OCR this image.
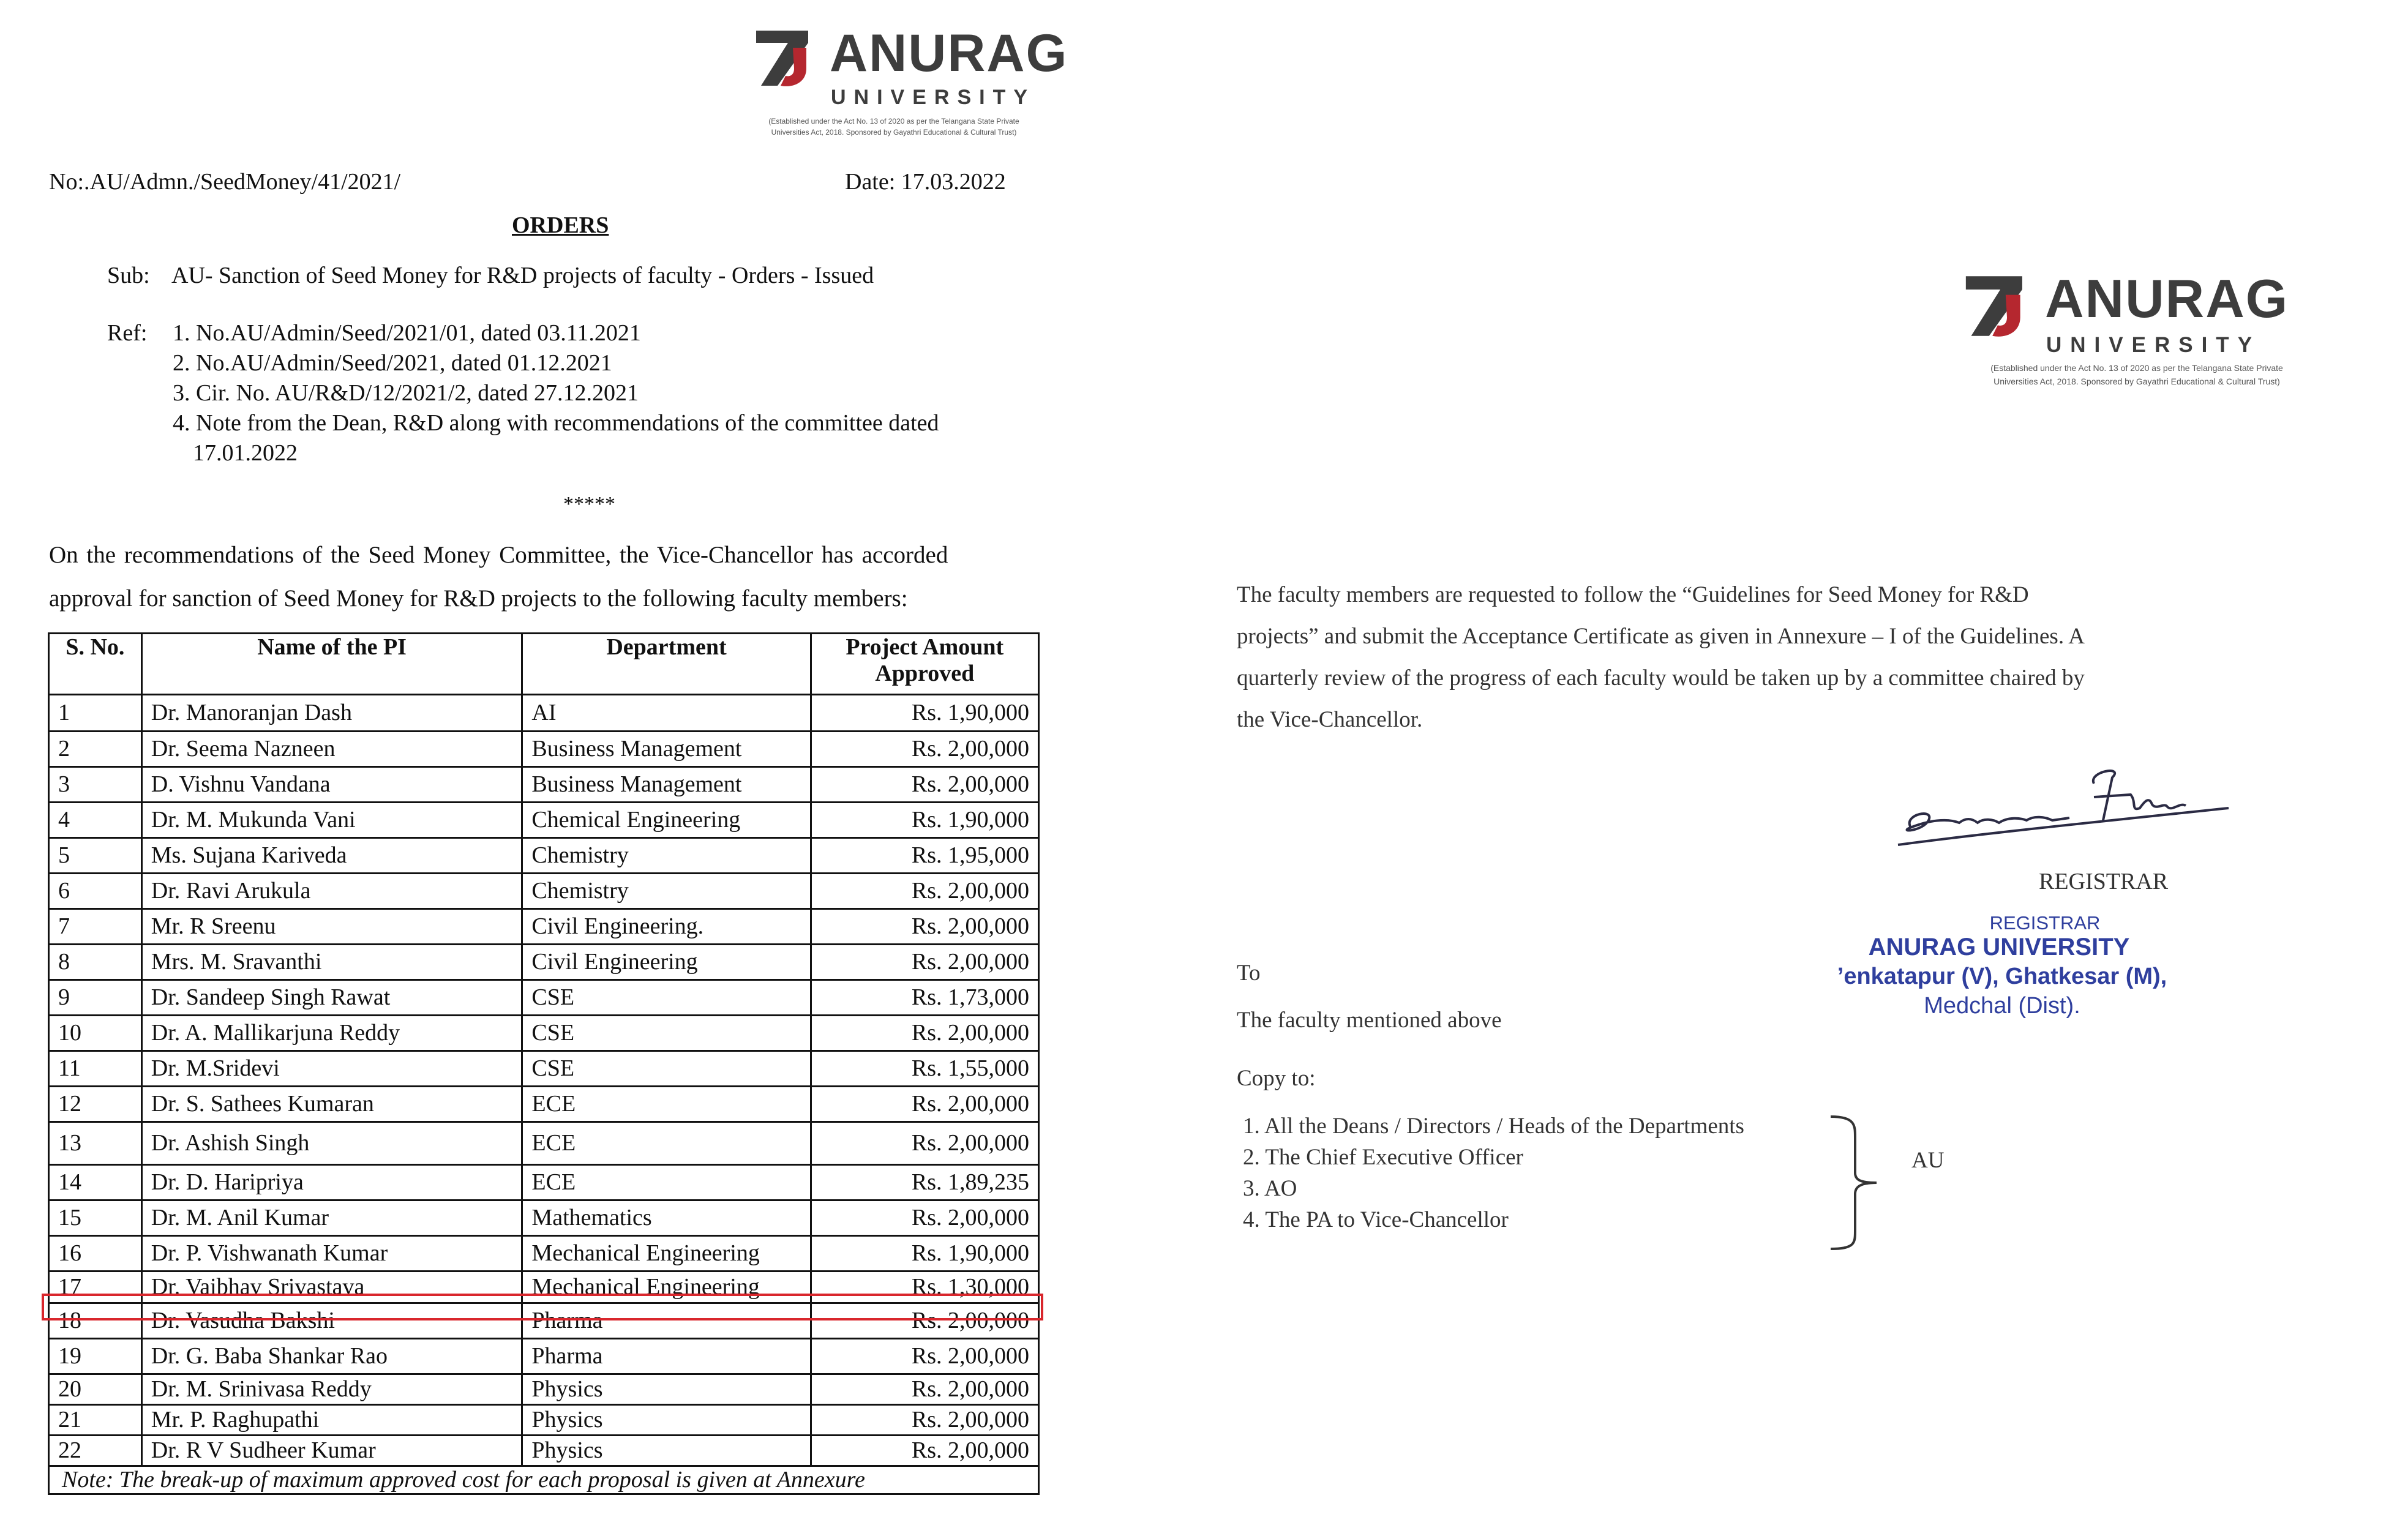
ANURAG
UNIVERSITY
(Established under the Act No. 13 of 2020 as per the Telangana State Private
Universities Act, 2018. Sponsored by Gayathri Educational & Cultural Trust)
No:.AU/Admn./SeedMoney/41/2021/	Date: 17.03.2022
ORDERS
Sub: AU- Sanction of Seed Money for R&D projects of faculty - Orders - Issued
Ref: 1. No.AU/Admin/Seed/2021/01, dated 03.11.2021
2. No.AU/Admin/Seed/2021, dated 01.12.2021
3. Cir. No. AU/R&D/12/2021/2, dated 27.12.2021
4. Note from the Dean, R&D along with recommendations of the committee dated
17.01.2022
*****
On the recommendations of the Seed Money Committee, the Vice-Chancellor has accorded
approval for sanction of Seed Money for R&D projects to the following faculty members:
S. No.	Name of the PI	Department	Project Amount
Approved

1	Dr. Manoranjan Dash	AI	Rs. 1,90,000
2	Dr. Seema Nazneen	Business Management	Rs. 2,00,000
3	D. Vishnu Vandana	Business Management	Rs. 2,00,000
4	Dr. M. Mukunda Vani	Chemical Engineering	Rs. 1,90,000
5	Ms. Sujana Kariveda	Chemistry	Rs. 1,95,000
6	Dr. Ravi Arukula	Chemistry	Rs. 2,00,000
7	Mr. R Sreenu	Civil Engineering.	Rs. 2,00,000
8	Mrs. M. Sravanthi	Civil Engineering	Rs. 2,00,000
9	Dr. Sandeep Singh Rawat	CSE	Rs. 1,73,000
10	Dr. A. Mallikarjuna Reddy	CSE	Rs. 2,00,000
11	Dr. M.Sridevi	CSE	Rs. 1,55,000
12	Dr. S. Sathees Kumaran	ECE	Rs. 2,00,000
13	Dr. Ashish Singh	ECE	Rs. 2,00,000
14	Dr. D. Haripriya	ECE	Rs. 1,89,235
15	Dr. M. Anil Kumar	Mathematics	Rs. 2,00,000
16	Dr. P. Vishwanath Kumar	Mechanical Engineering	Rs. 1,90,000
17	Dr. Vaibhav Srivastava	Mechanical Engineering	Rs. 1,30,000
18	Dr. Vasudha Bakshi	Pharma	Rs. 2,00,000
19	Dr. G. Baba Shankar Rao	Pharma	Rs. 2,00,000
20	Dr. M. Srinivasa Reddy	Physics	Rs. 2,00,000
21	Mr. P. Raghupathi	Physics	Rs. 2,00,000
22	Dr. R V Sudheer Kumar	Physics	Rs. 2,00,000
Note: The break-up of maximum approved cost for each proposal is given at Annexure			
ANURAG
UNIVERSITY
(Established under the Act No. 13 of 2020 as per the Telangana State Private
Universities Act, 2018. Sponsored by Gayathri Educational & Cultural Trust)
The faculty members are requested to follow the “Guidelines for Seed Money for R&D
projects” and submit the Acceptance Certificate as given in Annexure – I of the Guidelines. A
quarterly review of the progress of each faculty would be taken up by a committee chaired by
the Vice-Chancellor.
REGISTRAR
REGISTRAR
ANURAG UNIVERSITY
’enkatapur (V), Ghatkesar (M),
Medchal (Dist).
To
The faculty mentioned above
Copy to:
1. All the Deans / Directors / Heads of the Departments
2. The Chief Executive Officer
3. AO
4. The PA to Vice-Chancellor
AU
